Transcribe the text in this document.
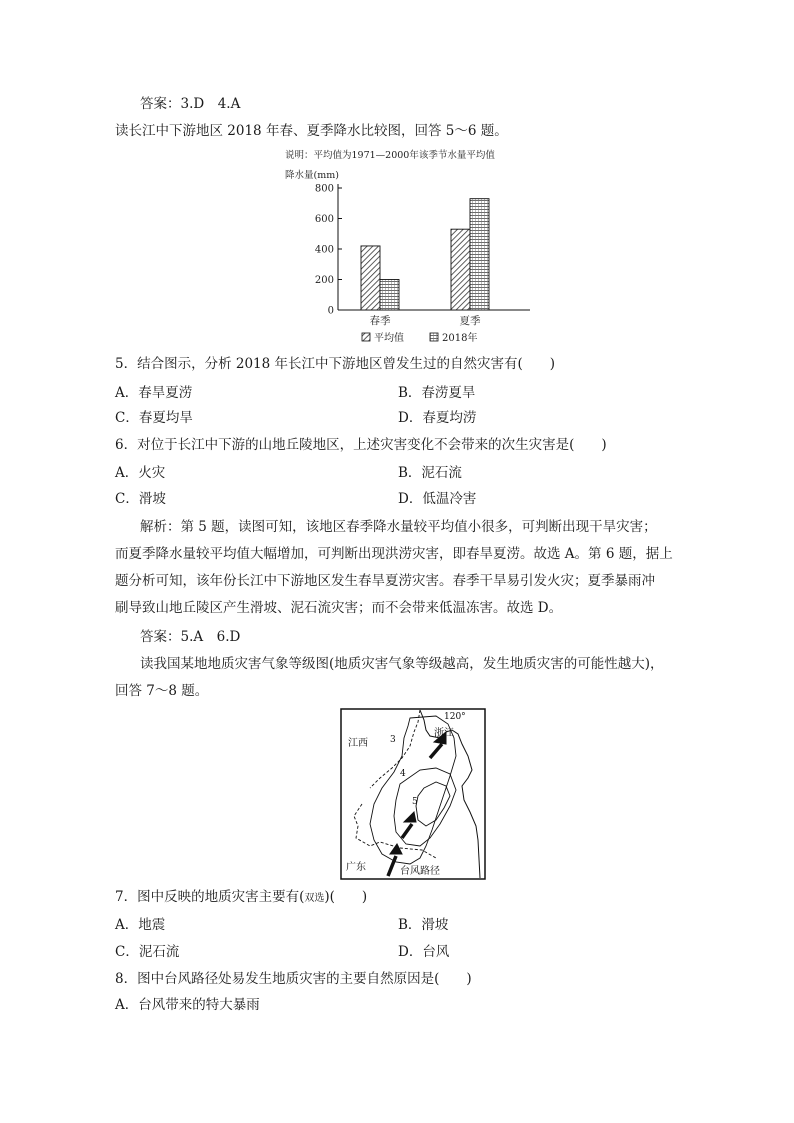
答案：3.D　4.A
读长江中下游地区 2018 年春、夏季降水比较图，回答 5～6 题。
说明：平均值为1971—2000年该季节水量平均值
降水量(mm)
800
600
400
200
0
春季	夏季
平均值	2018年
5．结合图示，分析 2018 年长江中下游地区曾发生过的自然灾害有(　　)
A．春旱夏涝	B．春涝夏旱
C．春夏均旱	D．春夏均涝
6．对位于长江中下游的山地丘陵地区，上述灾害变化不会带来的次生灾害是(　　)
A．火灾	B．泥石流
C．滑坡	D．低温冷害
解析：第 5 题，读图可知，该地区春季降水量较平均值小很多，可判断出现干旱灾害；
而夏季降水量较平均值大幅增加，可判断出现洪涝灾害，即春旱夏涝。故选 A。第 6 题，据上
题分析可知，该年份长江中下游地区发生春旱夏涝灾害。春季干旱易引发火灾；夏季暴雨冲
刷导致山地丘陵区产生滑坡、泥石流灾害；而不会带来低温冻害。故选 D。
答案：5.A　6.D
读我国某地地质灾害气象等级图(地质灾害气象等级越高，发生地质灾害的可能性越大)，
回答 7～8 题。
120°
江西
浙江
3
4
5
广东	台风路径
7．图中反映的地质灾害主要有(双选)(　　)
A．地震	B．滑坡
C．泥石流	D．台风
8．图中台风路径处易发生地质灾害的主要自然原因是(　　)
A．台风带来的特大暴雨
